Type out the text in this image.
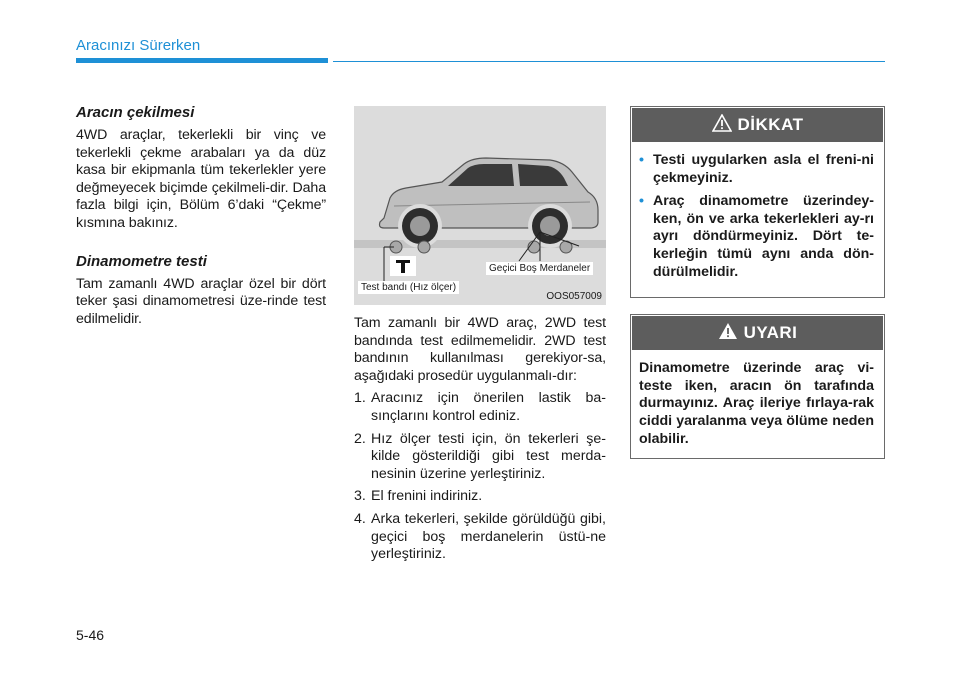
Aracınızı Sürerken
Aracın çekilmesi

4WD araçlar, tekerlekli bir vinç ve tekerlekli çekme arabaları ya da düz kasa bir ekipmanla tüm tekerlekler yere değmeyecek biçimde çekilmeli-dir. Daha fazla bilgi için, Bölüm 6’daki “Çekme” kısmına bakınız.

Dinamometre testi

Tam zamanlı 4WD araçlar özel bir dört teker şasi dinamometresi üze-rinde test edilmelidir.

Geçici Boş Merdaneler
Test bandı (Hız ölçer)
OOS057009

Tam zamanlı bir 4WD araç, 2WD test bandında test edilmemelidir. 2WD test bandının kullanılması gerekiyor-sa, aşağıdaki prosedür uygulanmalı-dır:

1. Aracınız için önerilen lastik ba-sınçlarını kontrol ediniz.
2. Hız ölçer testi için, ön tekerleri şe-kilde gösterildiği gibi test merda-nesinin üzerine yerleştiriniz.
3. El frenini indiriniz.
4. Arka tekerleri, şekilde görüldüğü gibi, geçici boş merdanelerin üstü-ne yerleştiriniz.
DİKKAT
• Testi uygularken asla el freni-ni çekmeyiniz.
• Araç dinamometre üzerindey-ken, ön ve arka tekerlekleri ay-rı ayrı döndürmeyiniz. Dört te-kerleğin tümü aynı anda dön-dürülmelidir.
UYARI

Dinamometre üzerinde araç vi-teste iken, aracın ön tarafında durmayınız. Araç ileriye fırlaya-rak ciddi yaralanma veya ölüme neden olabilir.

5-46
